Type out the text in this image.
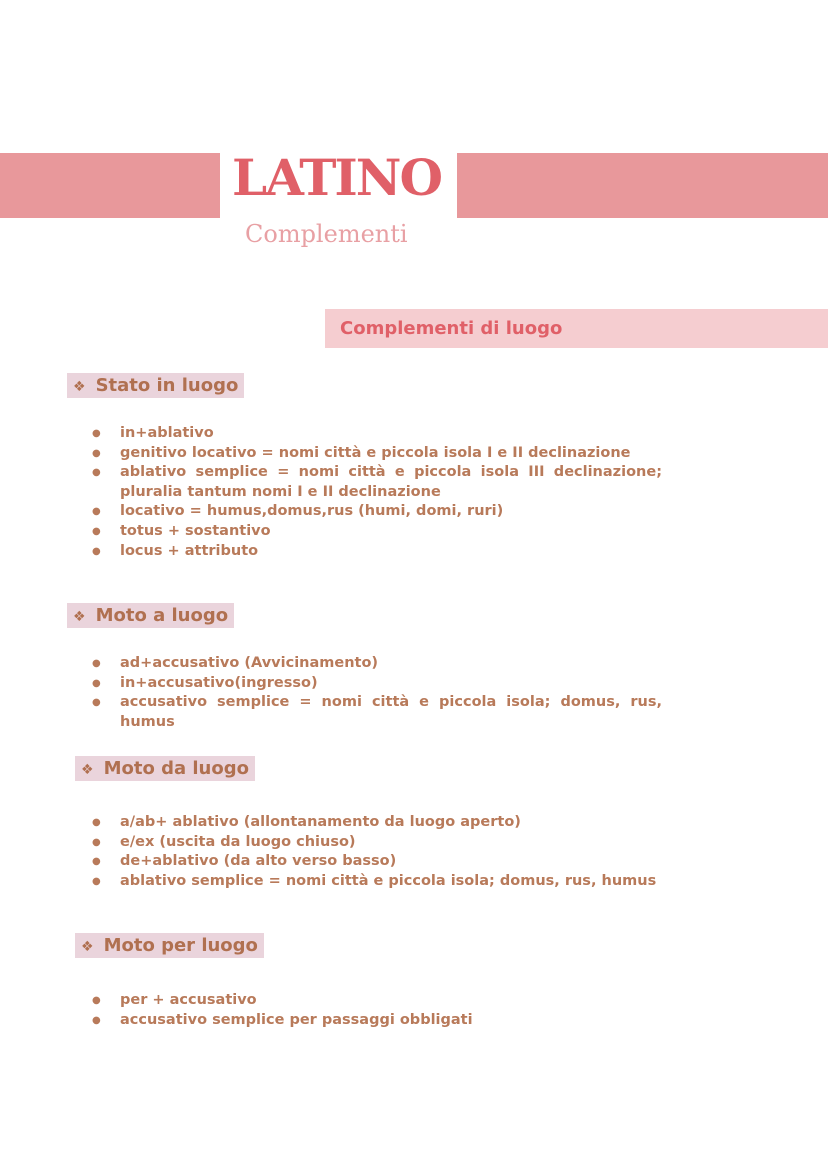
LATINO
Complementi
Complementi di luogo
❖ Stato in luogo
● in+ablativo
● genitivo locativo = nomi città e piccola isola I e II declinazione
● ablativo semplice = nomi città e piccola isola III declinazione; pluralia tantum nomi I e II declinazione
● locativo = humus,domus,rus (humi, domi, ruri)
● totus + sostantivo
● locus + attributo
❖ Moto a luogo
● ad+accusativo (Avvicinamento)
● in+accusativo(ingresso)
● accusativo semplice = nomi città e piccola isola; domus, rus, humus
❖ Moto da luogo
● a/ab+ ablativo (allontanamento da luogo aperto)
● e/ex (uscita da luogo chiuso)
● de+ablativo (da alto verso basso)
● ablativo semplice = nomi città e piccola isola; domus, rus, humus
❖ Moto per luogo
● per + accusativo
● accusativo semplice per passaggi obbligati
